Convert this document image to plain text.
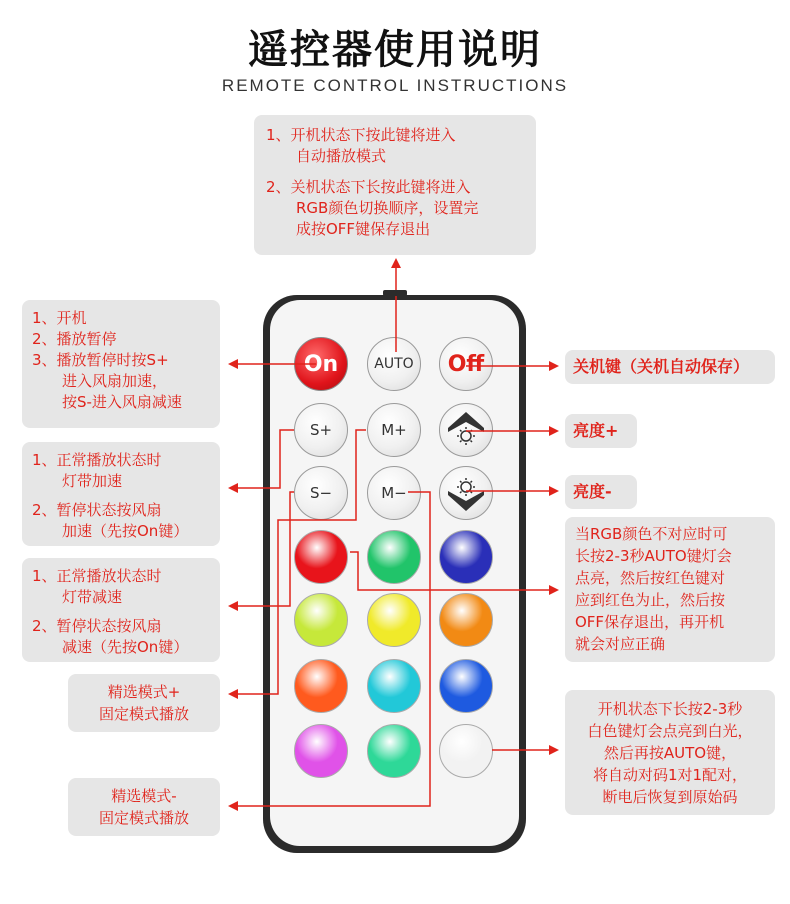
遥控器使用说明
REMOTE CONTROL INSTRUCTIONS

1、开机状态下按此键将进入

自动播放模式

2、关机状态下长按此键将进入

RGB颜色切换顺序，设置完

成按OFF键保存退出

1、开机

2、播放暂停

3、播放暂停时按S+

进入风扇加速，

按S-进入风扇减速

1、正常播放状态时

灯带加速

2、暂停状态按风扇

加速（先按On键）

1、正常播放状态时

灯带减速

2、暂停状态按风扇

减速（先按On键）

精选模式+

固定模式播放

精选模式-

固定模式播放

关机键（关机自动保存）
亮度+
亮度-

当RGB颜色不对应时可

长按2-3秒AUTO键灯会

点亮，然后按红色键对

应到红色为止，然后按

OFF保存退出，再开机

就会对应正确

开机状态下长按2-3秒

白色键灯会点亮到白光，

然后再按AUTO键，

将自动对码1对1配对，

断电后恢复到原始码

On	AUTO Off
S+	M+
S−	M−
